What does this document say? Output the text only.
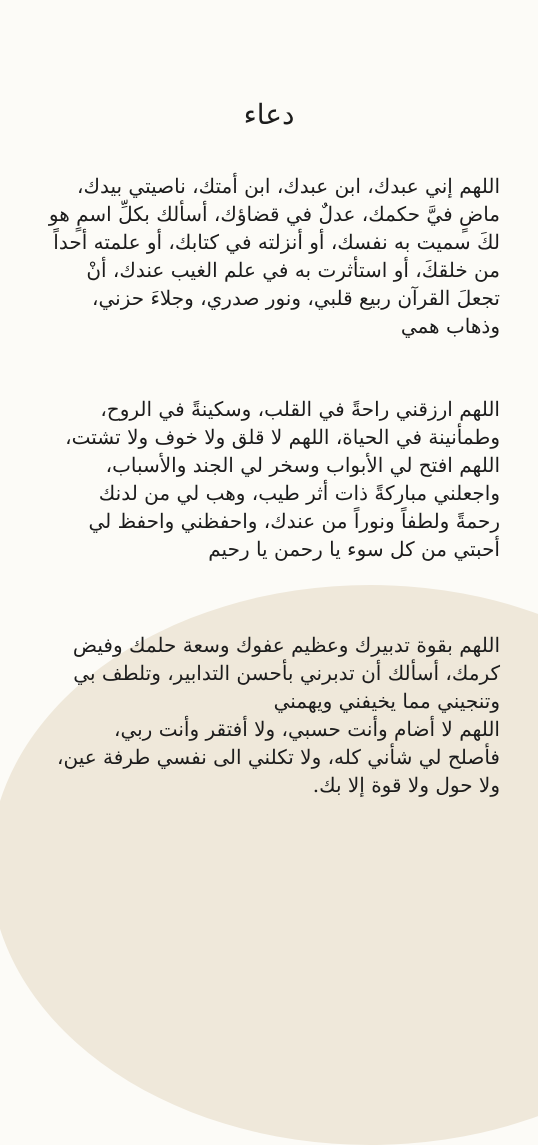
دعاء

اللهم إني عبدك، ابن عبدك، ابن أمتك، ناصيتي بيدك،

ماضٍ فيَّ حكمك، عدلٌ في قضاؤك، أسألك بكلِّ اسمٍ هو

لكَ سميت به نفسك، أو أنزلته في كتابك، أو علمته أحداً

من خلقكَ، أو استأثرت به في علم الغيب عندك، أنْ

تجعلَ القرآن ربيع قلبي، ونور صدري، وجلاءَ حزني،

وذهاب همي

اللهم ارزقني راحةً في القلب، وسكينةً في الروح،

وطمأنينة في الحياة، اللهم لا قلق ولا خوف ولا تشتت،

اللهم افتح لي الأبواب وسخر لي الجند والأسباب،

واجعلني مباركةً ذات أثر طيب، وهب لي من لدنك

رحمةً ولطفاً ونوراً من عندك، واحفظني واحفظ لي

أحبتي من كل سوء يا رحمن يا رحيم

اللهم بقوة تدبيرك وعظيم عفوك وسعة حلمك وفيض

كرمك، أسألك أن تدبرني بأحسن التدابير، وتلطف بي

وتنجيني مما يخيفني ويهمني

اللهم لا أضام وأنت حسبي، ولا أفتقر وأنت ربي،

فأصلح لي شأني كله، ولا تكلني الى نفسي طرفة عين،

ولا حول ولا قوة إلا بك.
